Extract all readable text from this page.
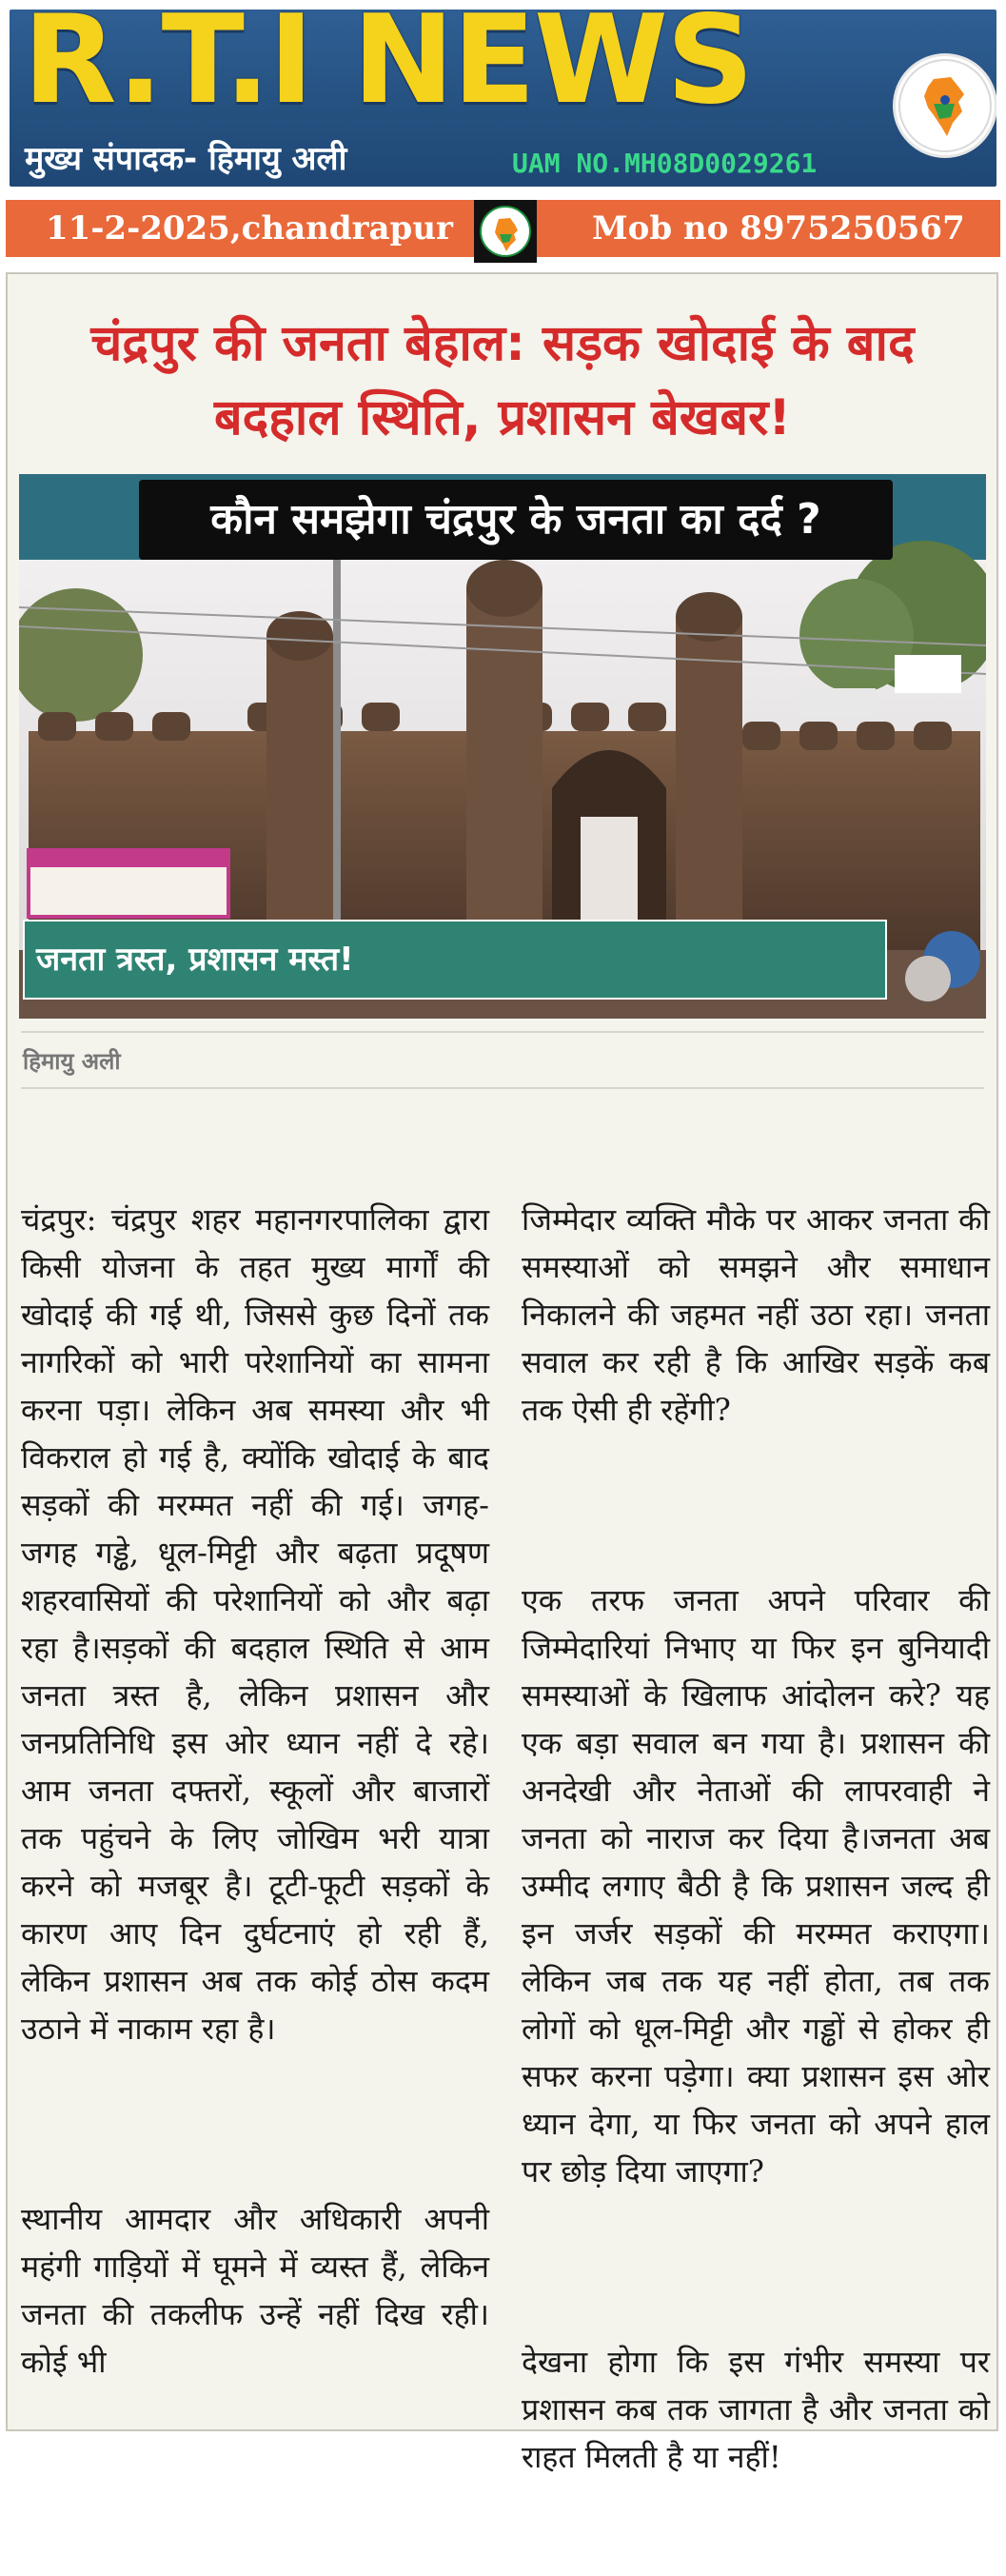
R.T.I NEWS
मुख्य संपादक- हिमायु अली	UAM NO.MH08D0029261
11-2-2025,chandrapur	Mob no 8975250567
चंद्रपुर की जनता बेहाल: सड़क खोदाई के बाद बदहाल स्थिति, प्रशासन बेखबर!
कौन समझेगा चंद्रपुर के जनता का दर्द ?
जनता त्रस्त, प्रशासन मस्त!
हिमायु अली

चंद्रपुर: चंद्रपुर शहर महानगरपालिका द्वारा किसी योजना के तहत मुख्य मार्गों की खोदाई की गई थी, जिससे कुछ दिनों तक नागरिकों को भारी परेशानियों का सामना करना पड़ा। लेकिन अब समस्या और भी विकराल हो गई है, क्योंकि खोदाई के बाद सड़कों की मरम्मत नहीं की गई। जगह-जगह गड्ढे, धूल-मिट्टी और बढ़ता प्रदूषण शहरवासियों की परेशानियों को और बढ़ा रहा है।सड़कों की बदहाल स्थिति से आम जनता त्रस्त है, लेकिन प्रशासन और जनप्रतिनिधि इस ओर ध्यान नहीं दे रहे। आम जनता दफ्तरों, स्कूलों और बाजारों तक पहुंचने के लिए जोखिम भरी यात्रा करने को मजबूर है। टूटी-फूटी सड़कों के कारण आए दिन दुर्घटनाएं हो रही हैं, लेकिन प्रशासन अब तक कोई ठोस कदम उठाने में नाकाम रहा है।

स्थानीय आमदार और अधिकारी अपनी महंगी गाड़ियों में घूमने में व्यस्त हैं, लेकिन जनता की तकलीफ उन्हें नहीं दिख रही। कोई भी

जिम्मेदार व्यक्ति मौके पर आकर जनता की समस्याओं को समझने और समाधान निकालने की जहमत नहीं उठा रहा। जनता सवाल कर रही है कि आखिर सड़कें कब तक ऐसी ही रहेंगी?

एक तरफ जनता अपने परिवार की जिम्मेदारियां निभाए या फिर इन बुनियादी समस्याओं के खिलाफ आंदोलन करे? यह एक बड़ा सवाल बन गया है। प्रशासन की अनदेखी और नेताओं की लापरवाही ने जनता को नाराज कर दिया है।जनता अब उम्मीद लगाए बैठी है कि प्रशासन जल्द ही इन जर्जर सड़कों की मरम्मत कराएगा। लेकिन जब तक यह नहीं होता, तब तक लोगों को धूल-मिट्टी और गड्ढों से होकर ही सफर करना पड़ेगा। क्या प्रशासन इस ओर ध्यान देगा, या फिर जनता को अपने हाल पर छोड़ दिया जाएगा?

देखना होगा कि इस गंभीर समस्या पर प्रशासन कब तक जागता है और जनता को राहत मिलती है या नहीं!
